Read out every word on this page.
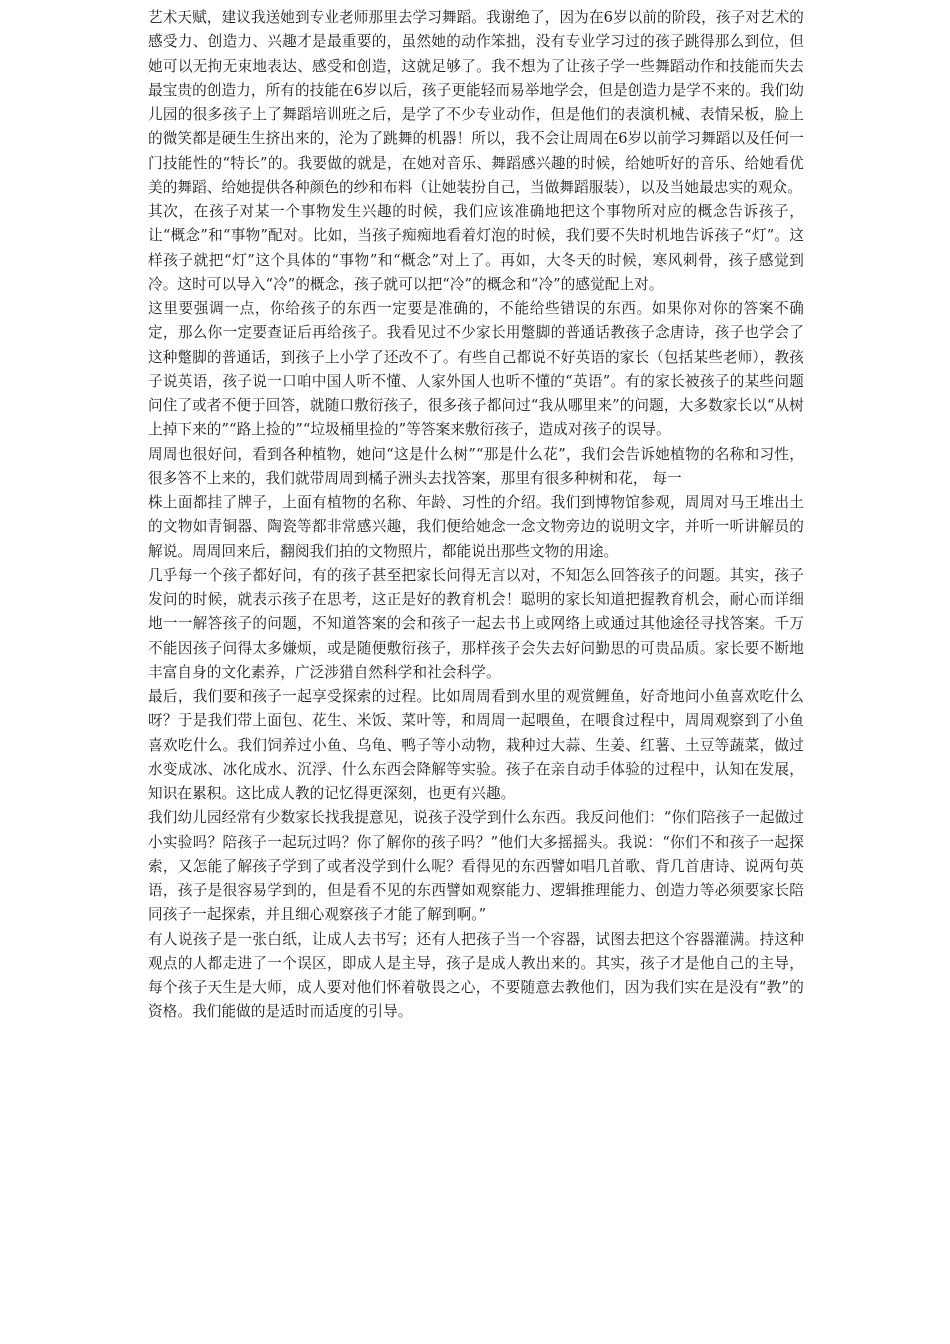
艺术天赋，建议我送她到专业老师那里去学习舞蹈。我谢绝了，因为在6岁以前的阶段，孩子对艺术的感受力、创造力、兴趣才是最重要的，虽然她的动作笨拙，没有专业学习过的孩子跳得那么到位，但她可以无拘无束地表达、感受和创造，这就足够了。我不想为了让孩子学一些舞蹈动作和技能而失去最宝贵的创造力，所有的技能在6岁以后，孩子更能轻而易举地学会，但是创造力是学不来的。我们幼儿园的很多孩子上了舞蹈培训班之后，是学了不少专业动作，但是他们的表演机械、表情呆板，脸上的微笑都是硬生生挤出来的，沦为了跳舞的机器！所以，我不会让周周在6岁以前学习舞蹈以及任何一门技能性的“特长”的。我要做的就是，在她对音乐、舞蹈感兴趣的时候，给她听好的音乐、给她看优美的舞蹈、给她提供各种颜色的纱和布料（让她装扮自己，当做舞蹈服装），以及当她最忠实的观众。

其次，在孩子对某一个事物发生兴趣的时候，我们应该准确地把这个事物所对应的概念告诉孩子，让“概念”和“事物”配对。比如，当孩子痴痴地看着灯泡的时候，我们要不失时机地告诉孩子“灯”。这样孩子就把“灯”这个具体的“事物”和“概念”对上了。再如，大冬天的时候，寒风刺骨，孩子感觉到冷。这时可以导入“冷”的概念，孩子就可以把“冷”的概念和“冷”的感觉配上对。

这里要强调一点，你给孩子的东西一定要是准确的，不能给些错误的东西。如果你对你的答案不确定，那么你一定要查证后再给孩子。我看见过不少家长用蹩脚的普通话教孩子念唐诗，孩子也学会了这种蹩脚的普通话，到孩子上小学了还改不了。有些自己都说不好英语的家长（包括某些老师），教孩子说英语，孩子说一口咱中国人听不懂、人家外国人也听不懂的“英语”。有的家长被孩子的某些问题问住了或者不便于回答，就随口敷衍孩子，很多孩子都问过“我从哪里来”的问题，大多数家长以“从树上掉下来的”“路上捡的”“垃圾桶里捡的”等答案来敷衍孩子，造成对孩子的误导。

周周也很好问，看到各种植物，她问“这是什么树”“那是什么花”，我们会告诉她植物的名称和习性，很多答不上来的，我们就带周周到橘子洲头去找答案，那里有很多种树和花， 每一

株上面都挂了牌子，上面有植物的名称、年龄、习性的介绍。我们到博物馆参观，周周对马王堆出土的文物如青铜器、陶瓷等都非常感兴趣，我们便给她念一念文物旁边的说明文字，并听一听讲解员的解说。周周回来后，翻阅我们拍的文物照片，都能说出那些文物的用途。

几乎每一个孩子都好问，有的孩子甚至把家长问得无言以对，不知怎么回答孩子的问题。其实，孩子发问的时候，就表示孩子在思考，这正是好的教育机会！聪明的家长知道把握教育机会，耐心而详细地一一解答孩子的问题，不知道答案的会和孩子一起去书上或网络上或通过其他途径寻找答案。千万不能因孩子问得太多嫌烦，或是随便敷衍孩子，那样孩子会失去好问勤思的可贵品质。家长要不断地丰富自身的文化素养，广泛涉猎自然科学和社会科学。

最后，我们要和孩子一起享受探索的过程。比如周周看到水里的观赏鲤鱼，好奇地问小鱼喜欢吃什么呀？于是我们带上面包、花生、米饭、菜叶等，和周周一起喂鱼，在喂食过程中，周周观察到了小鱼喜欢吃什么。我们饲养过小鱼、乌龟、鸭子等小动物，栽种过大蒜、生姜、红薯、土豆等蔬菜，做过水变成冰、冰化成水、沉浮、什么东西会降解等实验。孩子在亲自动手体验的过程中，认知在发展，知识在累积。这比成人教的记忆得更深刻，也更有兴趣。

我们幼儿园经常有少数家长找我提意见，说孩子没学到什么东西。我反问他们：“你们陪孩子一起做过小实验吗？陪孩子一起玩过吗？你了解你的孩子吗？”他们大多摇摇头。我说：“你们不和孩子一起探索，又怎能了解孩子学到了或者没学到什么呢？看得见的东西譬如唱几首歌、背几首唐诗、说两句英语，孩子是很容易学到的，但是看不见的东西譬如观察能力、逻辑推理能力、创造力等必须要家长陪同孩子一起探索，并且细心观察孩子才能了解到啊。”

有人说孩子是一张白纸，让成人去书写；还有人把孩子当一个容器，试图去把这个容器灌满。持这种观点的人都走进了一个误区，即成人是主导，孩子是成人教出来的。其实，孩子才是他自己的主导，每个孩子天生是大师，成人要对他们怀着敬畏之心，不要随意去教他们，因为我们实在是没有“教”的资格。我们能做的是适时而适度的引导。
